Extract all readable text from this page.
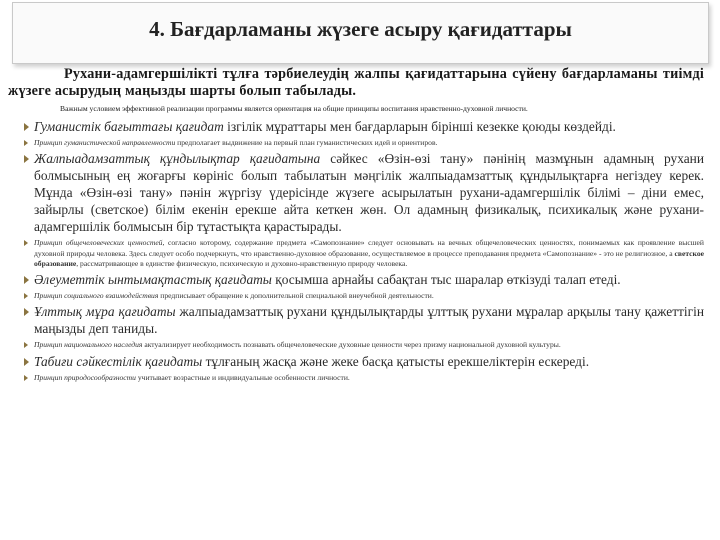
4. Бағдарламаны жүзеге асыру қағидаттары

Рухани-адамгершілікті тұлға тәрбиелеудің жалпы қағидаттарына сүйену бағдарламаны тиімді жүзеге асырудың маңызды шарты болып табылады.

Важным условием эффективной реализации программы является ориентация на общие принципы воспитания нравственно-духовной личности.

Гуманистік бағыттағы қағидат ізгілік мұраттары мен бағдарларын бірінші кезекке қоюды көздейді.
Принцип гуманистической направленности предполагает выдвижение на первый план гуманистических идей и ориентиров.
Жалпыадамзаттық құндылықтар қағидатына сәйкес «Өзін-өзі тану» пәнінің мазмұнын адамның рухани болмысының ең жоғарғы көрініс болып табылатын мәңгілік жалпыадамзаттық құндылықтарға негіздеу керек. Мұнда «Өзін-өзі тану» пәнін жүргізу үдерісінде жүзеге асырылатын рухани-адамгершілік білімі – діни емес, зайырлы (светское) білім екенін ерекше айта кеткен жөн. Ол адамның физикалық, психикалық және рухани-адамгершілік болмысын бір тұтастықта қарастырады.
Принцип общечеловеческих ценностей, согласно которому, содержание предмета «Самопознание» следует основывать на вечных общечеловеческих ценностях, понимаемых как проявление высшей духовной природы человека. Здесь следует особо подчеркнуть, что нравственно-духовное образование, осуществляемое в процессе преподавания предмета «Самопознание» - это не религиозное, а светское образование, рассматривающее в единстве физическую, психическую и духовно-нравственную природу человека.
Әлеуметтік ынтымақтастық қағидаты қосымша арнайы сабақтан тыс шаралар өткізуді талап етеді.
Принцип социального взаимодействия предписывает обращение к дополнительной специальной внеучебной деятельности.
Ұлттық мұра қағидаты жалпыадамзаттық рухани құндылықтарды ұлттық рухани мұралар арқылы тану қажеттігін маңызды деп таниды.
Принцип национального наследия актуализирует необходимость познавать общечеловеческие духовные ценности через призму национальной духовной культуры.
Табиғи сәйкестілік қағидаты тұлғаның жасқа және жеке басқа қатысты ерекшеліктерін ескереді.
Принцип природосообразности учитывает возрастные и индивидуальные особенности личности.
